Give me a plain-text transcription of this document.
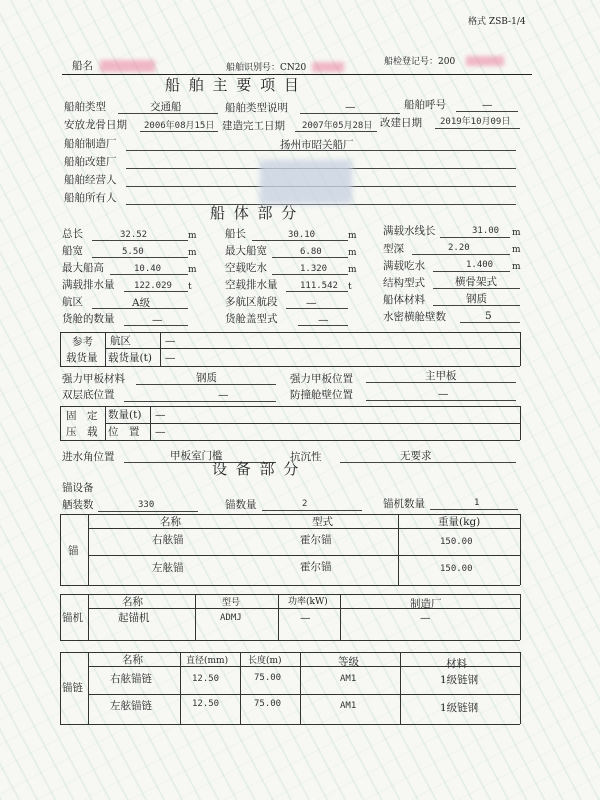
格式 ZSB-1/4
船名	船舶识别号：CN20
船检登记号：200
船 舶 主 要 项 目
船舶类型	交通船	船舶类型说明	—	船舶呼号	—
安放龙骨日期 2006年08月15日 建造完工日期 2007年05月28日 改建日期 2019年10月09日
船舶制造厂	扬州市昭关船厂
船舶改建厂
船舶经营人
船舶所有人
船 体 部 分
总长	32.52	m	船长	30.10	m	满载水线长	31.00 m
船宽	5.50	m	最大船宽	6.80	m	型深	2.20	m
最大船高	10.40	m	空载吃水	1.320 m	满载吃水	1.400 m
满载排水量 122.029 t	空载排水量	111.542 t	结构型式	横骨架式
航区	A级	多航区航段	—	船体材料	钢质
货舱的数量	—	货舱盖型式	—	水密横舱壁数	5
参考
载货量
航区	—
载货量(t) —
强力甲板材料	钢质	强力甲板位置	主甲板
双层底位置	—	防撞舱壁位置	—
固　定
压　载
数量(t) —
位　置 —
进水角位置	甲板室门槛	抗沉性	无要求
设 备 部 分
锚设备
舾装数	330	锚数量	2	锚机数量	1
锚
名称	型式	重量(kg)
右舷锚	霍尔锚	150.00
左舷锚	霍尔锚	150.00
锚机
名称	型号	功率(kW)	制造厂
起锚机	ADMJ	—	—
锚链
名称	直径(mm) 长度(m)	等级	材料
右舷锚链	12.50	75.00	AM1	1级链钢
左舷锚链	12.50	75.00	AM1	1级链钢
